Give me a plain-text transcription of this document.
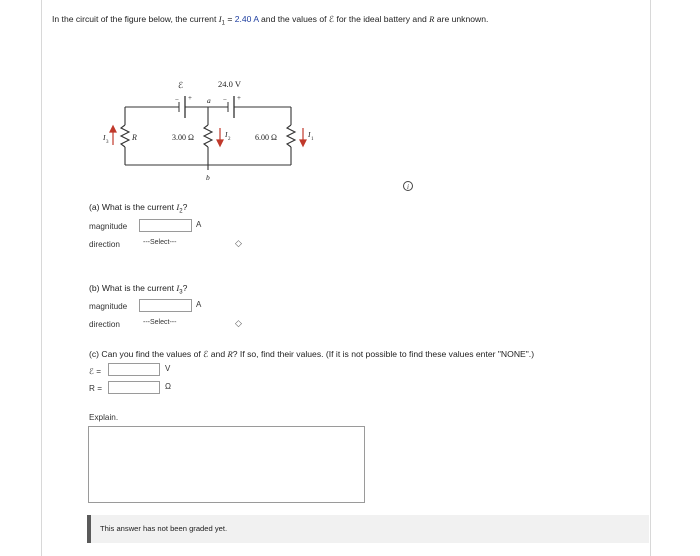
In the circuit of the figure below, the current $I_1 = 2.40$ A and the values of ℰ for the ideal battery and R are unknown.
ℰ	24.0 V
− +	− +
a
b
R	3.00 Ω	6.00 Ω
I
3
I
2
I
1
i
(a) What is the current $I_2$?
magnitude	A
direction	---Select---	◇
(b) What is the current $I_3$?
magnitude	A
direction	---Select---	◇
(c) Can you find the values of ℰ and R? If so, find their values. (If it is not possible to find these values enter "NONE".)
ℰ =	V
R =	Ω
Explain.
This answer has not been graded yet.
